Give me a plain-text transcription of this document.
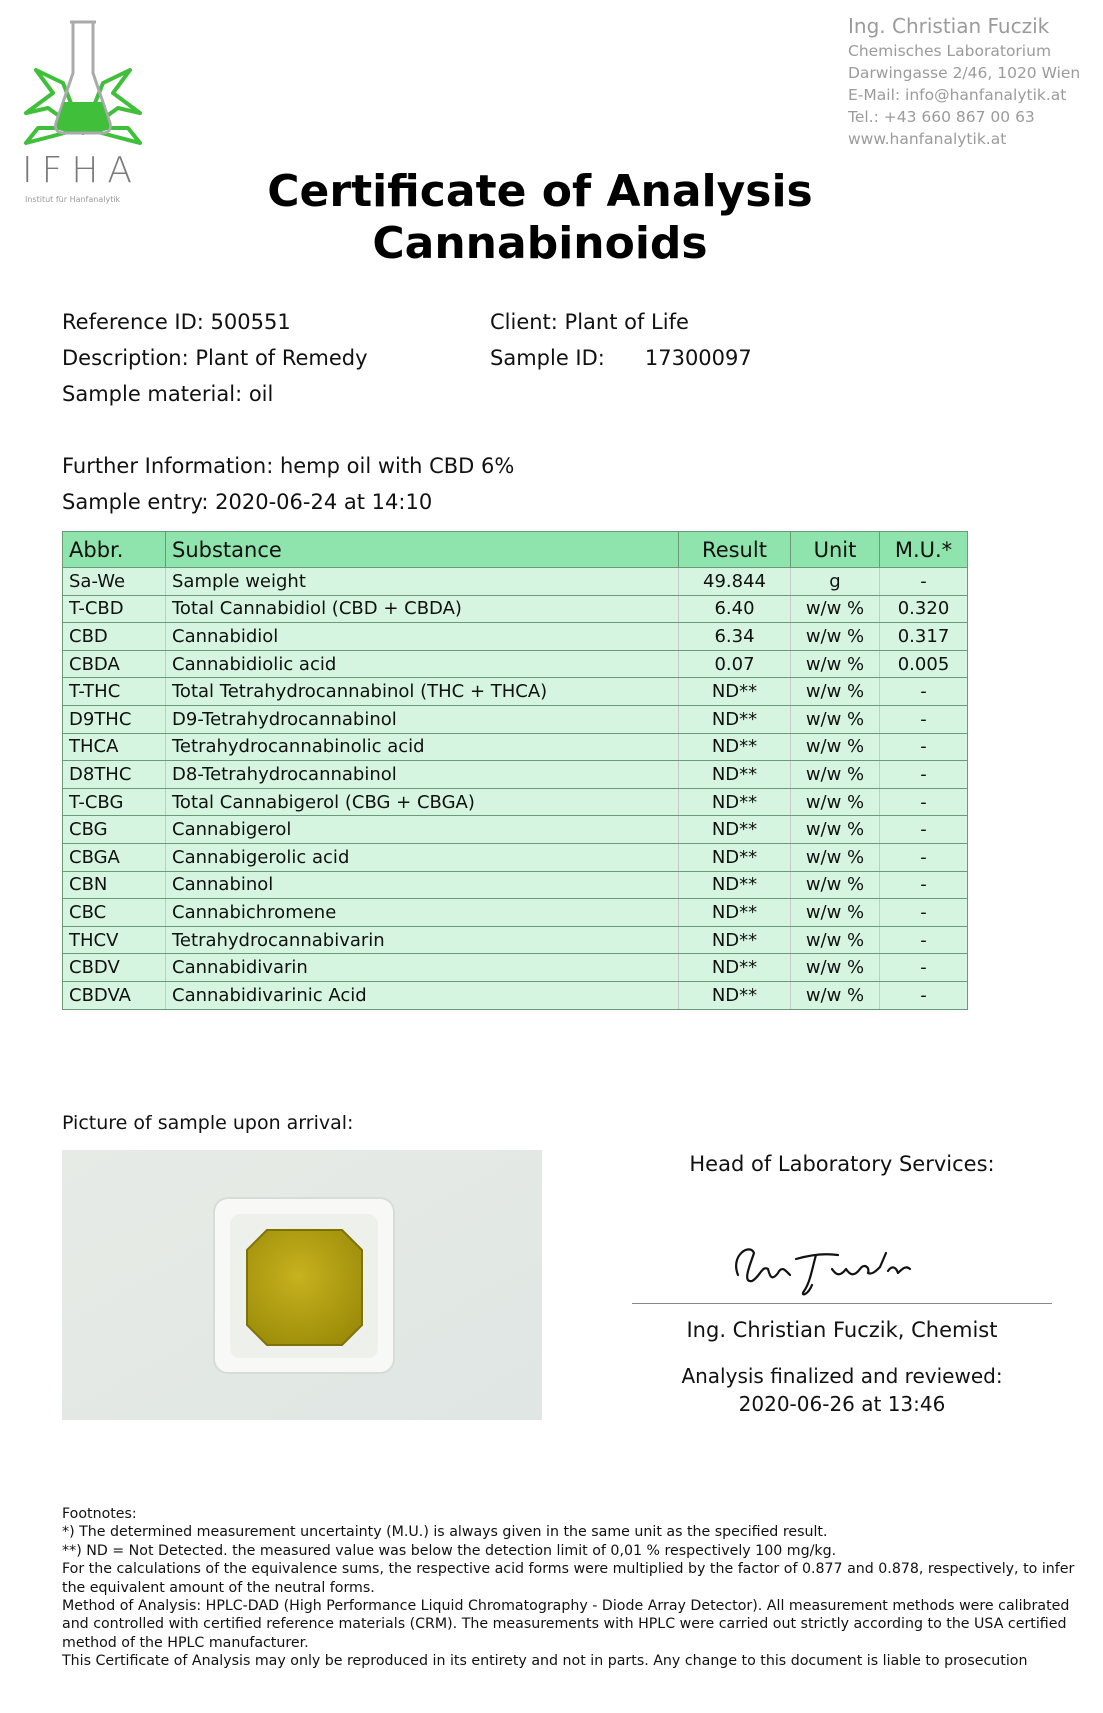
IFHA
Institut für Hanfanalytik
Ing. Christian Fuczik
Chemisches Laboratorium
Darwingasse 2/46, 1020 Wien
E-Mail: info@hanfanalytik.at
Tel.: +43 660 867 00 63
www.hanfanalytik.at
Certificate of Analysis
Cannabinoids
Reference ID: 500551
Description: Plant of Remedy
Sample material: oil
Client: Plant of Life
Sample ID: 17300097
Further Information: hemp oil with CBD 6%
Sample entry: 2020-06-24 at 14:10
Abbr.	Substance	Result	Unit	M.U.*
Sa-We	Sample weight	49.844	g	-
T-CBD	Total Cannabidiol (CBD + CBDA)	6.40	w/w %	0.320
CBD	Cannabidiol	6.34	w/w %	0.317
CBDA	Cannabidiolic acid	0.07	w/w %	0.005
T-THC	Total Tetrahydrocannabinol (THC + THCA)	ND**	w/w %	-
D9THC	D9-Tetrahydrocannabinol	ND**	w/w %	-
THCA	Tetrahydrocannabinolic acid	ND**	w/w %	-
D8THC	D8-Tetrahydrocannabinol	ND**	w/w %	-
T-CBG	Total Cannabigerol (CBG + CBGA)	ND**	w/w %	-
CBG	Cannabigerol	ND**	w/w %	-
CBGA	Cannabigerolic acid	ND**	w/w %	-
CBN	Cannabinol	ND**	w/w %	-
CBC	Cannabichromene	ND**	w/w %	-
THCV	Tetrahydrocannabivarin	ND**	w/w %	-
CBDV	Cannabidivarin	ND**	w/w %	-
CBDVA	Cannabidivarinic Acid	ND**	w/w %	-
Picture of sample upon arrival:
Head of Laboratory Services:
Ing. Christian Fuczik, Chemist
Analysis finalized and reviewed:
2020-06-26 at 13:46
Footnotes:
*) The determined measurement uncertainty (M.U.) is always given in the same unit as the specified result.
**) ND = Not Detected. the measured value was below the detection limit of 0,01 % respectively 100 mg/kg.
For the calculations of the equivalence sums, the respective acid forms were multiplied by the factor of 0.877 and 0.878, respectively, to infer the equivalent amount of the neutral forms.
Method of Analysis: HPLC-DAD (High Performance Liquid Chromatography - Diode Array Detector). All measurement methods were calibrated and controlled with certified reference materials (CRM). The measurements with HPLC were carried out strictly according to the USA certified method of the HPLC manufacturer.
This Certificate of Analysis may only be reproduced in its entirety and not in parts. Any change to this document is liable to prosecution
